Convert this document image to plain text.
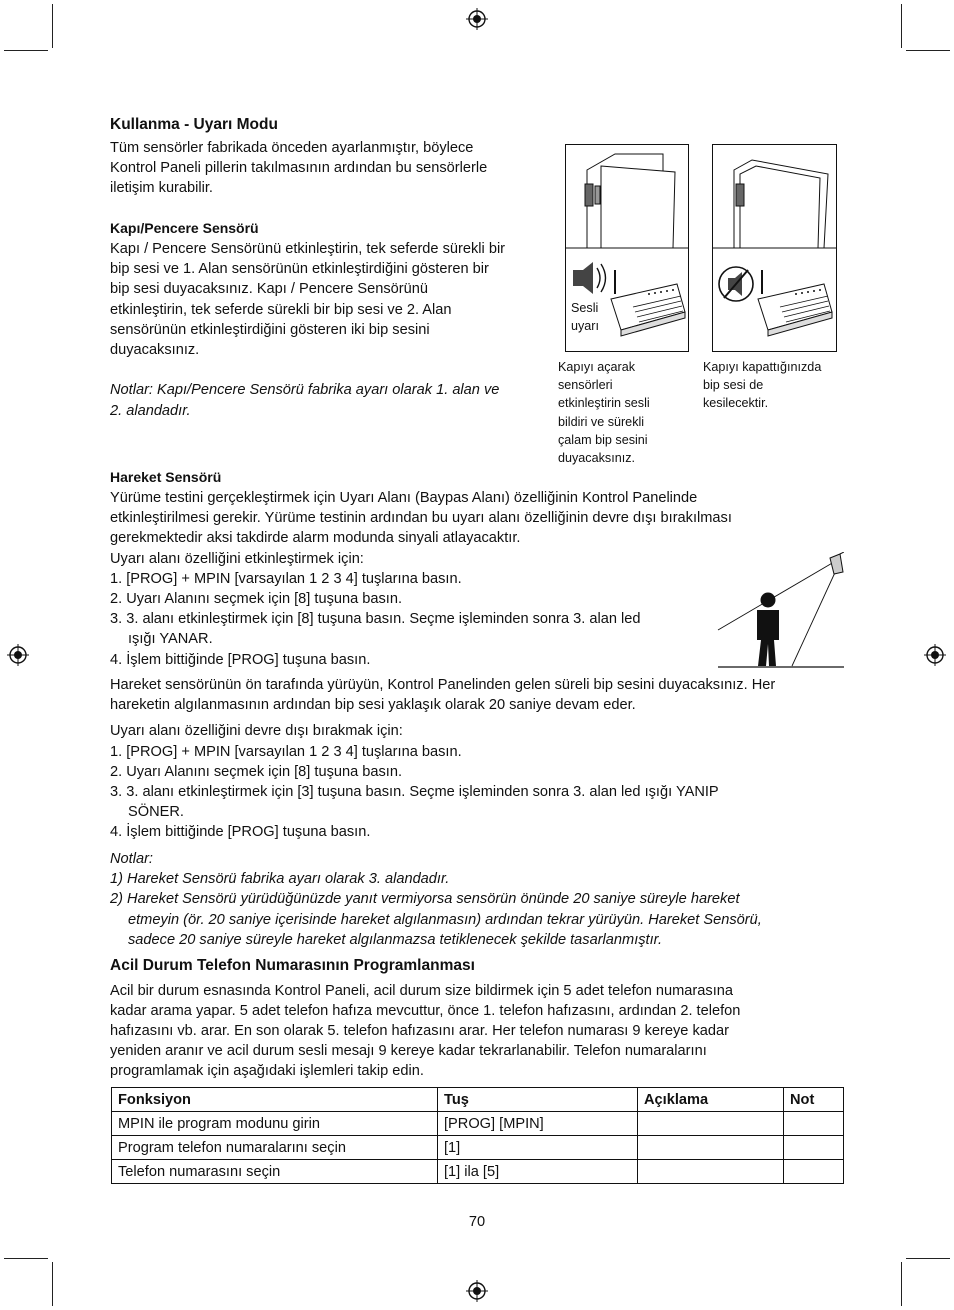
Kullanma - Uyarı Modu
Tüm sensörler fabrikada önceden ayarlanmıştır, böylece
Kontrol Paneli pillerin takılmasının ardından bu sensörlerle
iletişim kurabilir.
Kapı/Pencere Sensörü
Kapı / Pencere Sensörünü etkinleştirin, tek seferde sürekli bir
bip sesi ve 1. Alan sensörünün etkinleştirdiğini gösteren bir
bip sesi duyacaksınız. Kapı / Pencere Sensörünü
etkinleştirin, tek seferde sürekli bir bip sesi ve 2. Alan
sensörünün etkinleştirdiğini gösteren iki bip sesini
duyacaksınız.
Notlar: Kapı/Pencere Sensörü fabrika ayarı olarak 1. alan ve
2. alandadır.
Sesli
uyarı
Kapıyı açarak
sensörleri
etkinleştirin sesli
bildiri ve sürekli
çalam bip sesini
duyacaksınız.
Kapıyı kapattığınızda
bip sesi de
kesilecektir.
Hareket Sensörü
Yürüme testini gerçekleştirmek için Uyarı Alanı (Baypas Alanı) özelliğinin Kontrol Panelinde
etkinleştirilmesi gerekir. Yürüme testinin ardından bu uyarı alanı özelliğinin devre dışı bırakılması
gerekmektedir aksi takdirde alarm modunda sinyali atlayacaktır.
Uyarı alanı özelliğini etkinleştirmek için:
1. [PROG] + MPIN [varsayılan 1 2 3 4] tuşlarına basın.
2. Uyarı Alanını seçmek için [8] tuşuna basın.
3. 3. alanı etkinleştirmek için [8] tuşuna basın. Seçme işleminden sonra 3. alan led
ışığı YANAR.
4. İşlem bittiğinde [PROG] tuşuna basın.
Hareket sensörünün ön tarafında yürüyün, Kontrol Panelinden gelen süreli bip sesini duyacaksınız. Her
hareketin algılanmasının ardından bip sesi yaklaşık olarak 20 saniye devam eder.
Uyarı alanı özelliğini devre dışı bırakmak için:
1. [PROG] + MPIN [varsayılan 1 2 3 4] tuşlarına basın.
2. Uyarı Alanını seçmek için [8] tuşuna basın.
3. 3. alanı etkinleştirmek için [3] tuşuna basın. Seçme işleminden sonra 3. alan led ışığı YANIP
SÖNER.
4. İşlem bittiğinde [PROG] tuşuna basın.
Notlar:
1) Hareket Sensörü fabrika ayarı olarak 3. alandadır.
2) Hareket Sensörü yürüdüğünüzde yanıt vermiyorsa sensörün önünde 20 saniye süreyle hareket
etmeyin (ör. 20 saniye içerisinde hareket algılanmasın) ardından tekrar yürüyün. Hareket Sensörü,
sadece 20 saniye süreyle hareket algılanmazsa tetiklenecek şekilde tasarlanmıştır.
Acil Durum Telefon Numarasının Programlanması
Acil bir durum esnasında Kontrol Paneli, acil durum size bildirmek için 5 adet telefon numarasına
kadar arama yapar. 5 adet telefon hafıza mevcuttur, önce 1. telefon hafızasını, ardından 2. telefon
hafızasını vb. arar. En son olarak 5. telefon hafızasını arar. Her telefon numarası 9 kereye kadar
yeniden aranır ve acil durum sesli mesajı 9 kereye kadar tekrarlanabilir. Telefon numaralarını
programlamak için aşağıdaki işlemleri takip edin.
Fonksiyon	Tuş	Açıklama	Not
MPIN ile program modunu girin	[PROG] [MPIN]		
Program telefon numaralarını seçin	[1]		
Telefon numarasını seçin	[1] ila [5]		
70
